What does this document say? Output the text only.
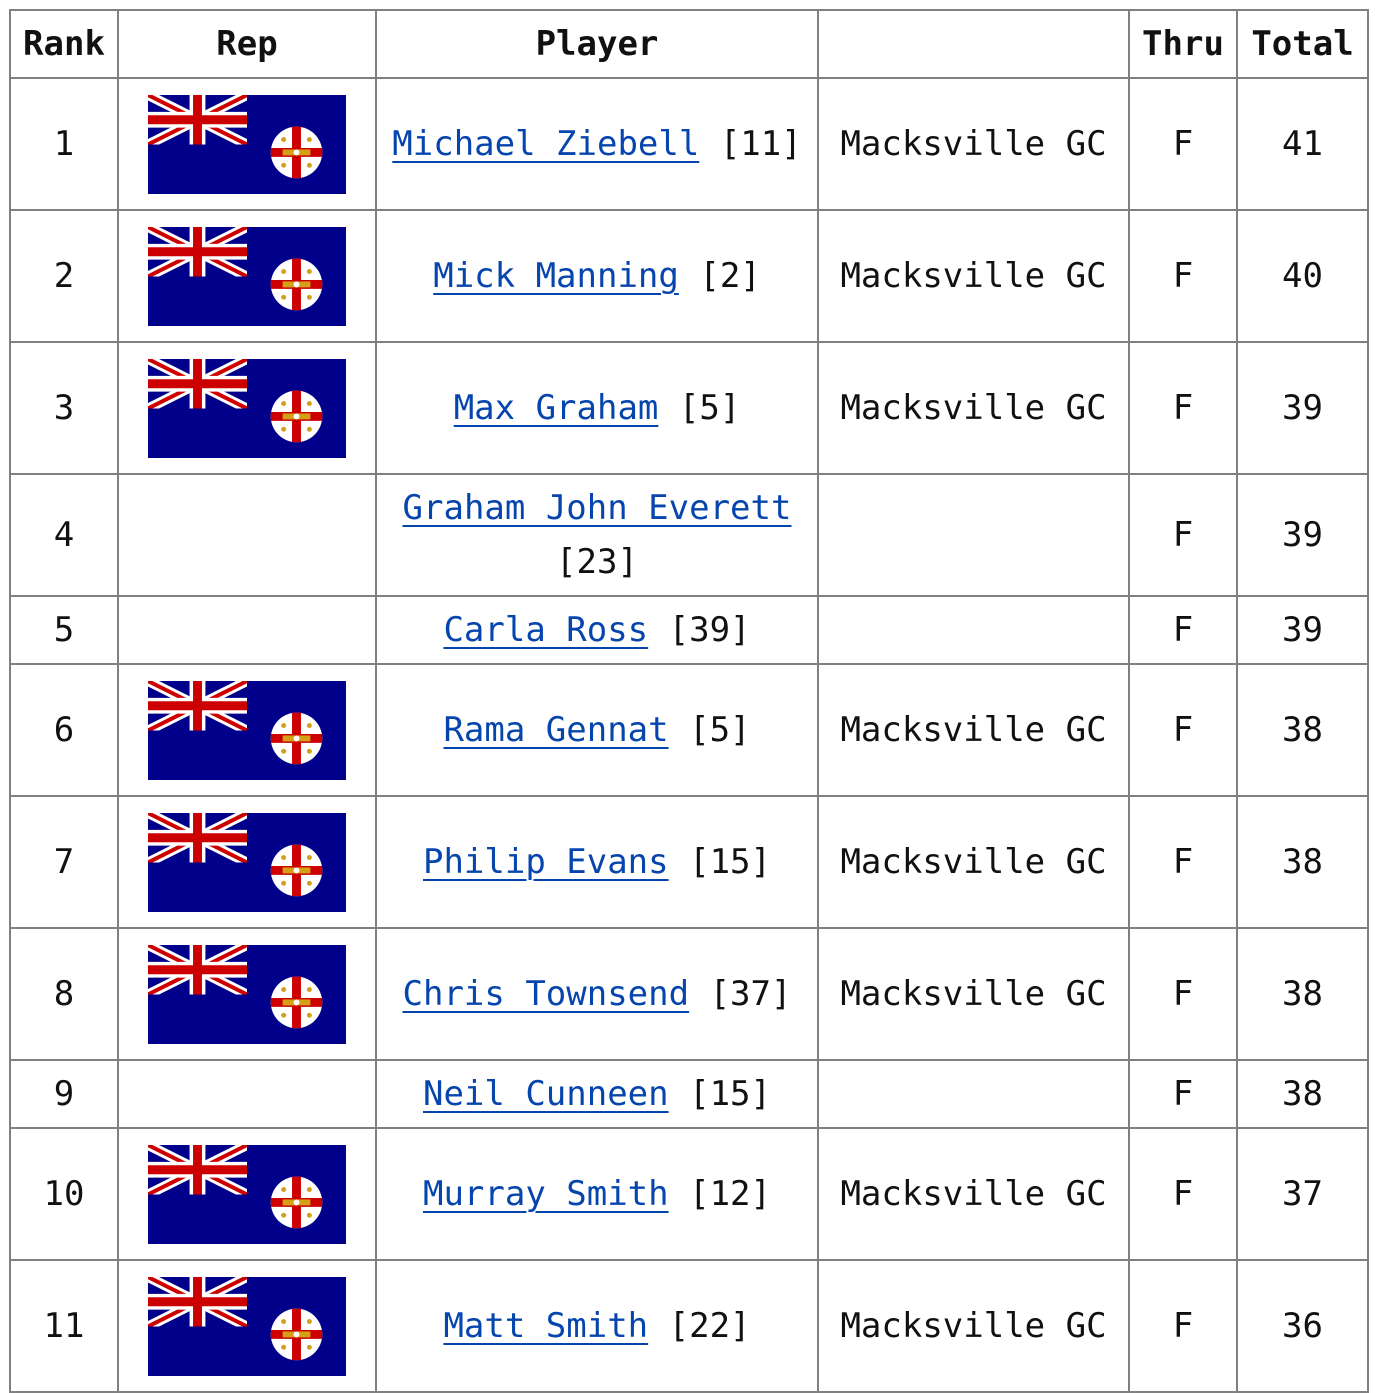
Rank	Rep	Player		Thru	Total
1		Michael Ziebell [11]	Macksville GC	F	41
2		Mick Manning [2]	Macksville GC	F	40
3		Max Graham [5]	Macksville GC	F	39
4		Graham John Everett [23]		F	39
5		Carla Ross [39]		F	39
6		Rama Gennat [5]	Macksville GC	F	38
7		Philip Evans [15]	Macksville GC	F	38
8		Chris Townsend [37]	Macksville GC	F	38
9		Neil Cunneen [15]		F	38
10		Murray Smith [12]	Macksville GC	F	37
11		Matt Smith [22]	Macksville GC	F	36
